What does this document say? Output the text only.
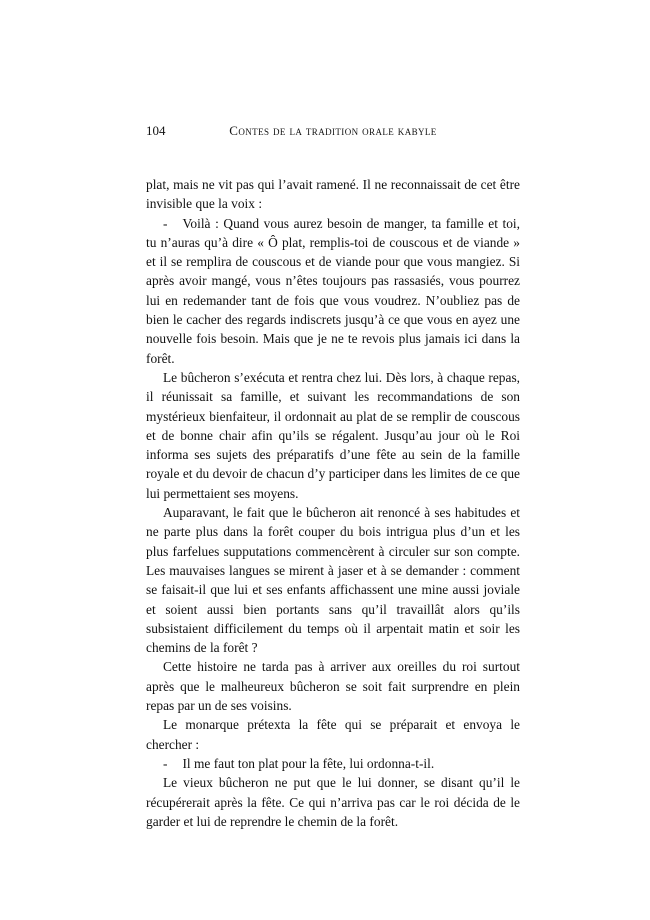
104	Contes de la tradition orale kabyle

plat, mais ne vit pas qui l’avait ramené. Il ne reconnaissait de cet être invisible que la voix :

- Voilà : Quand vous aurez besoin de manger, ta famille et toi, tu n’auras qu’à dire « Ô plat, remplis-toi de couscous et de viande » et il se remplira de couscous et de viande pour que vous mangiez. Si après avoir mangé, vous n’êtes toujours pas rassasiés, vous pourrez lui en redemander tant de fois que vous voudrez. N’oubliez pas de bien le cacher des regards indiscrets jusqu’à ce que vous en ayez une nouvelle fois besoin. Mais que je ne te revois plus jamais ici dans la forêt.

Le bûcheron s’exécuta et rentra chez lui. Dès lors, à chaque repas, il réunissait sa famille, et suivant les recommandations de son mystérieux bienfaiteur, il ordonnait au plat de se remplir de couscous et de bonne chair afin qu’ils se régalent. Jusqu’au jour où le Roi informa ses sujets des préparatifs d’une fête au sein de la famille royale et du devoir de chacun d’y participer dans les limites de ce que lui permettaient ses moyens.

Auparavant, le fait que le bûcheron ait renoncé à ses habitudes et ne parte plus dans la forêt couper du bois intrigua plus d’un et les plus farfelues supputations commencèrent à circuler sur son compte. Les mauvaises langues se mirent à jaser et à se demander : comment se faisait-il que lui et ses enfants affichassent une mine aussi joviale et soient aussi bien portants sans qu’il travaillât alors qu’ils subsistaient difficilement du temps où il arpentait matin et soir les chemins de la forêt ?

Cette histoire ne tarda pas à arriver aux oreilles du roi surtout après que le malheureux bûcheron se soit fait surprendre en plein repas par un de ses voisins.

Le monarque prétexta la fête qui se préparait et envoya le chercher :

- Il me faut ton plat pour la fête, lui ordonna-t-il.

Le vieux bûcheron ne put que le lui donner, se disant qu’il le récupérerait après la fête. Ce qui n’arriva pas car le roi décida de le garder et lui de reprendre le chemin de la forêt.
